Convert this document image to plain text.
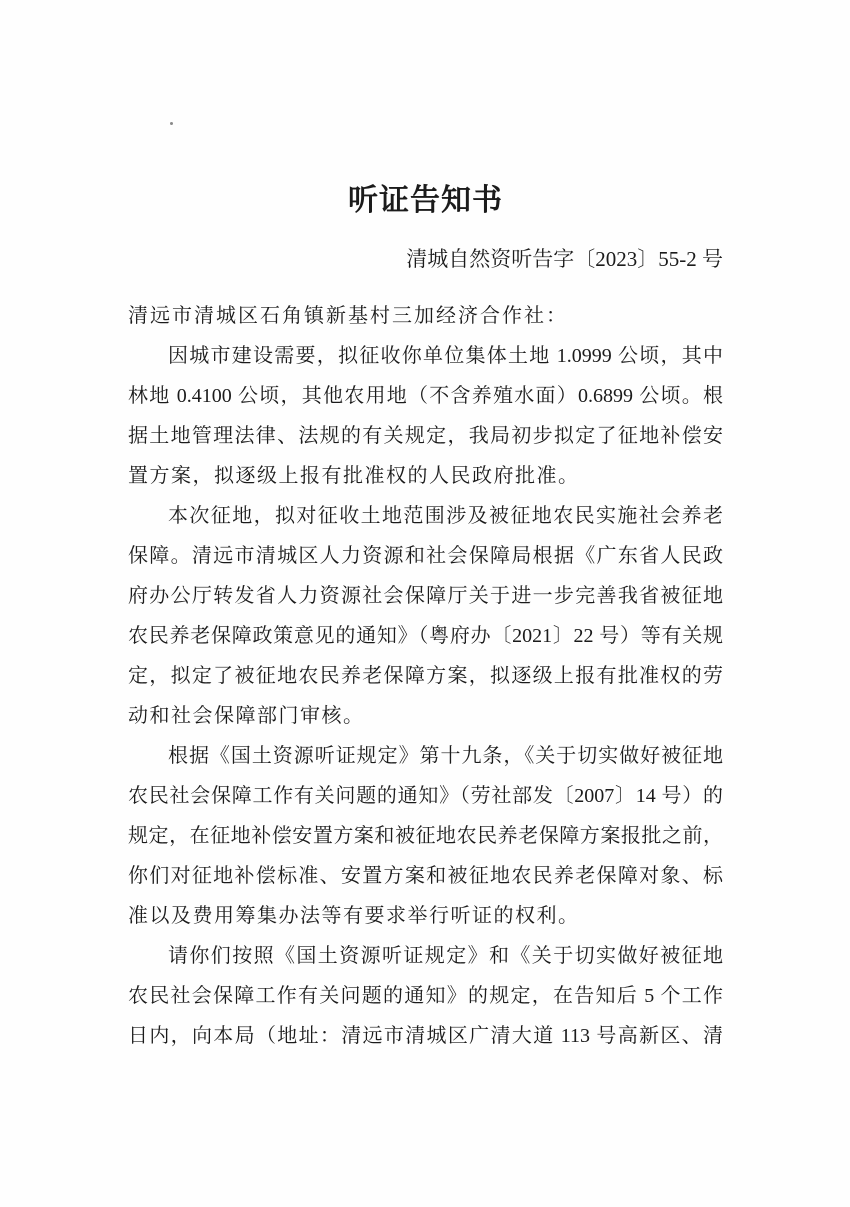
听证告知书
清城自然资听告字〔2023〕55-2 号
清远市清城区石角镇新基村三加经济合作社：
因城市建设需要，拟征收你单位集体土地 1.0999 公顷，其中
林地 0.4100 公顷，其他农用地（不含养殖水面）0.6899 公顷。根
据土地管理法律、法规的有关规定，我局初步拟定了征地补偿安
置方案，拟逐级上报有批准权的人民政府批准。
本次征地，拟对征收土地范围涉及被征地农民实施社会养老
保障。清远市清城区人力资源和社会保障局根据《广东省人民政
府办公厅转发省人力资源社会保障厅关于进一步完善我省被征地
农民养老保障政策意见的通知》（粤府办〔2021〕22 号）等有关规
定，拟定了被征地农民养老保障方案，拟逐级上报有批准权的劳
动和社会保障部门审核。
根据《国土资源听证规定》第十九条，《关于切实做好被征地
农民社会保障工作有关问题的通知》（劳社部发〔2007〕14 号）的
规定，在征地补偿安置方案和被征地农民养老保障方案报批之前，
你们对征地补偿标准、安置方案和被征地农民养老保障对象、标
准以及费用筹集办法等有要求举行听证的权利。
请你们按照《国土资源听证规定》和《关于切实做好被征地
农民社会保障工作有关问题的通知》的规定，在告知后 5 个工作
日内，向本局（地址：清远市清城区广清大道 113 号高新区、清
